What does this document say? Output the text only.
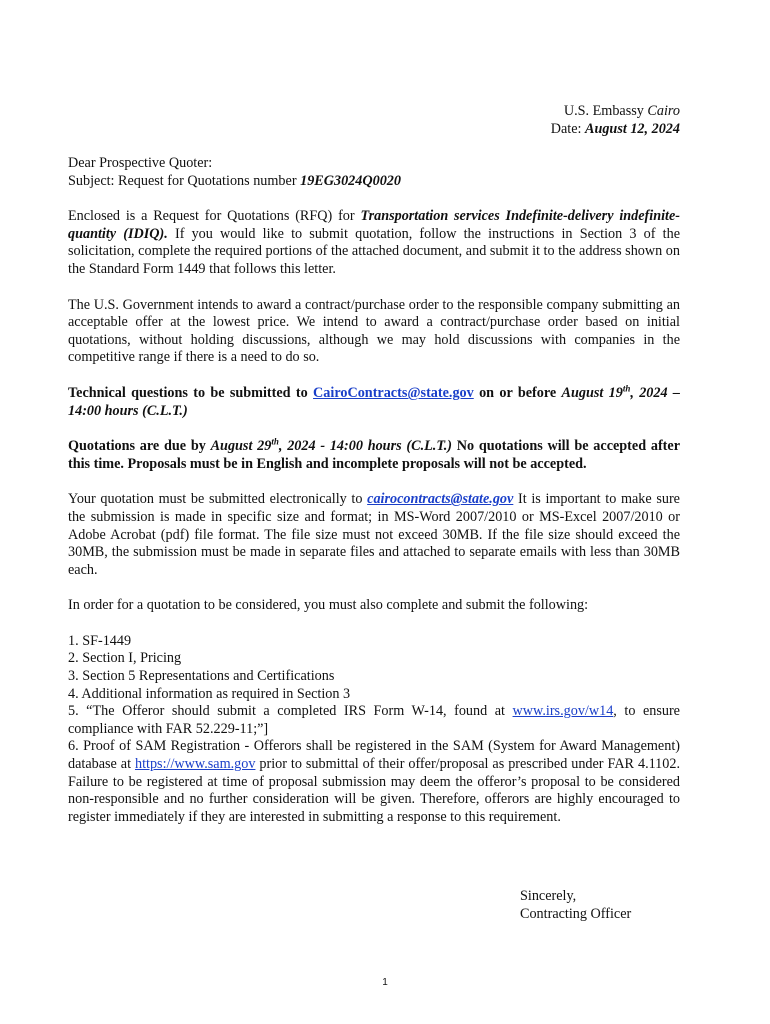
U.S. Embassy Cairo
Date: August 12, 2024

Dear Prospective Quoter:

Subject: Request for Quotations number 19EG3024Q0020

Enclosed is a Request for Quotations (RFQ) for Transportation services Indefinite-delivery indefinite-quantity (IDIQ). If you would like to submit quotation, follow the instructions in Section 3 of the solicitation, complete the required portions of the attached document, and submit it to the address shown on the Standard Form 1449 that follows this letter.

The U.S. Government intends to award a contract/purchase order to the responsible company submitting an acceptable offer at the lowest price. We intend to award a contract/purchase order based on initial quotations, without holding discussions, although we may hold discussions with companies in the competitive range if there is a need to do so.

Technical questions to be submitted to CairoContracts@state.gov on or before August 19th, 2024 – 14:00 hours (C.L.T.)

Quotations are due by August 29th, 2024 - 14:00 hours (C.L.T.) No quotations will be accepted after this time. Proposals must be in English and incomplete proposals will not be accepted.

Your quotation must be submitted electronically to cairocontracts@state.gov It is important to make sure the submission is made in specific size and format; in MS-Word 2007/2010 or MS-Excel 2007/2010 or Adobe Acrobat (pdf) file format. The file size must not exceed 30MB. If the file size should exceed the 30MB, the submission must be made in separate files and attached to separate emails with less than 30MB each.

In order for a quotation to be considered, you must also complete and submit the following:

1. SF-1449

2. Section I, Pricing

3. Section 5 Representations and Certifications

4. Additional information as required in Section 3

5. “The Offeror should submit a completed IRS Form W-14, found at www.irs.gov/w14, to ensure compliance with FAR 52.229-11;”]

6. Proof of SAM Registration - Offerors shall be registered in the SAM (System for Award Management) database at https://www.sam.gov prior to submittal of their offer/proposal as prescribed under FAR 4.1102. Failure to be registered at time of proposal submission may deem the offeror’s proposal to be considered non-responsible and no further consideration will be given. Therefore, offerors are highly encouraged to register immediately if they are interested in submitting a response to this requirement.

Sincerely,
Contracting Officer
1
